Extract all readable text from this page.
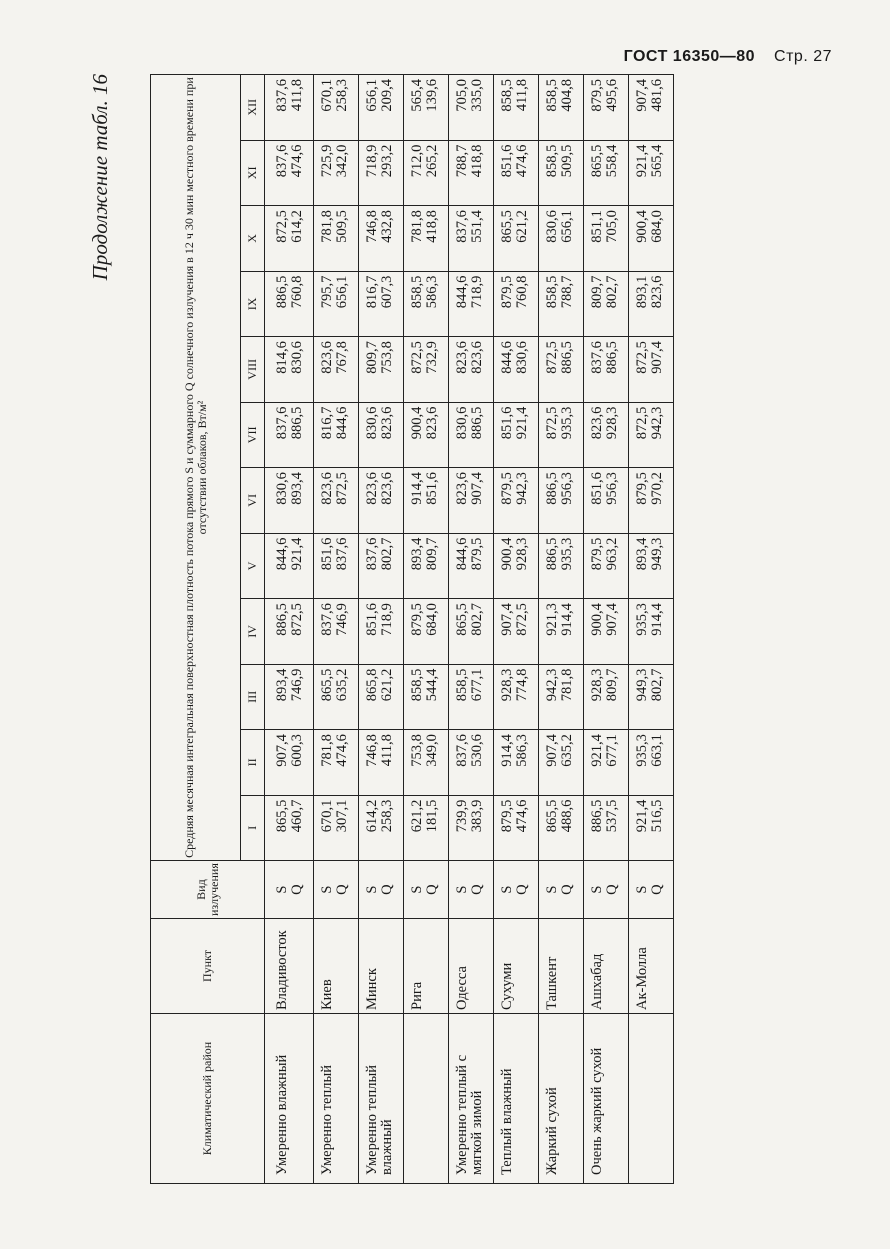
ГОСТ 16350—80 Стр. 27
Продолжение табл. 16
Климатический район	Пункт	Вид излучения	Средняя месячная интегральная поверхностная плотность потока прямого S и суммарного Q солнечного излучения в 12 ч 30 мин местного времени при отсутствии облаков, Вт/м²											
			I	II	III	IV	V	VI	VII	VIII	IX	X	XI	XII
Умеренно влажный	Владивосток	S Q	865,5 460,7	907,4 600,3	893,4 746,9	886,5 872,5	844,6 921,4	830,6 893,4	837,6 886,5	814,6 830,6	886,5 760,8	872,5 614,2	837,6 474,6	837,6 411,8

Умеренно теплый	Киев	S Q	670,1 307,1	781,8 474,6	865,5 635,2	837,6 746,9	851,6 837,6	823,6 872,5	816,7 844,6	823,6 767,8	795,7 656,1	781,8 509,5	725,9 342,0	670,1 258,3

Умеренно теплый влажный	Минск	S Q	614,2 258,3	746,8 411,8	865,8 621,2	851,6 718,9	837,6 802,7	823,6 823,6	830,6 823,6	809,7 753,8	816,7 607,3	746,8 432,8	718,9 293,2	656,1 209,4

	Рига	S Q	621,2 181,5	753,8 349,0	858,5 544,4	879,5 684,0	893,4 809,7	914,4 851,6	900,4 823,6	872,5 732,9	858,5 586,3	781,8 418,8	712,0 265,2	565,4 139,6

Умеренно теплый с мягкой зимой	Одесса	S Q	739,9 383,9	837,6 530,6	858,5 677,1	865,5 802,7	844,6 879,5	823,6 907,4	830,6 886,5	823,6 823,6	844,6 718,9	837,6 551,4	788,7 418,8	705,0 335,0

Теплый влажный	Сухуми	S Q	879,5 474,6	914,4 586,3	928,3 774,8	907,4 872,5	900,4 928,3	879,5 942,3	851,6 921,4	844,6 830,6	879,5 760,8	865,5 621,2	851,6 474,6	858,5 411,8

Жаркий сухой	Ташкент	S Q	865,5 488,6	907,4 635,2	942,3 781,8	921,3 914,4	886,5 935,3	886,5 956,3	872,5 935,3	872,5 886,5	858,5 788,7	830,6 656,1	858,5 509,5	858,5 404,8

Очень жаркий сухой	Ашхабад	S Q	886,5 537,5	921,4 677,1	928,3 809,7	900,4 907,4	879,5 963,2	851,6 956,3	823,6 928,3	837,6 886,5	809,7 802,7	851,1 705,0	865,5 558,4	879,5 495,6

	Ак-Молла	S Q	921,4 516,5	935,3 663,1	949,3 802,7	935,3 914,4	893,4 949,3	879,5 970,2	872,5 942,3	872,5 907,4	893,1 823,6	900,4 684,0	921,4 565,4	907,4 481,6
